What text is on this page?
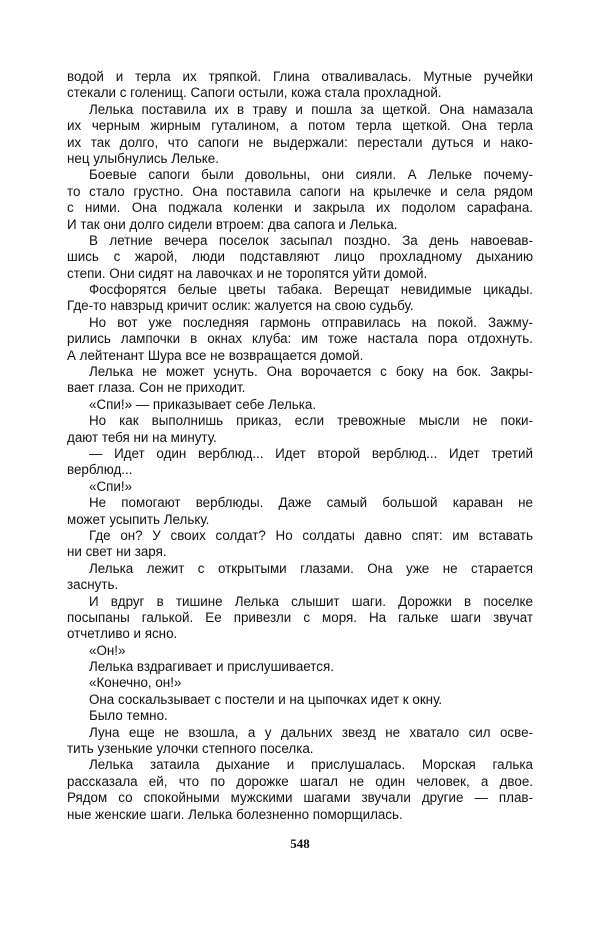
водой и терла их тряпкой. Глина отваливалась. Мутные ручейки
стекали с голенищ. Сапоги остыли, кожа стала прохладной.
Лелька поставила их в траву и пошла за щеткой. Она намазала
их черным жирным гуталином, а потом терла щеткой. Она терла
их так долго, что сапоги не выдержали: перестали дуться и нако-
нец улыбнулись Лельке.
Боевые сапоги были довольны, они сияли. А Лельке почему-
то стало грустно. Она поставила сапоги на крылечке и села рядом
с ними. Она поджала коленки и закрыла их подолом сарафана.
И так они долго сидели втроем: два сапога и Лелька.
В летние вечера поселок засыпал поздно. За день навоевав-
шись с жарой, люди подставляют лицо прохладному дыханию
степи. Они сидят на лавочках и не торопятся уйти домой.
Фосфорятся белые цветы табака. Верещат невидимые цикады.
Где-то навзрыд кричит ослик: жалуется на свою судьбу.
Но вот уже последняя гармонь отправилась на покой. Зажму-
рились лампочки в окнах клуба: им тоже настала пора отдохнуть.
А лейтенант Шура все не возвращается домой.
Лелька не может уснуть. Она ворочается с боку на бок. Закры-
вает глаза. Сон не приходит.
«Спи!» — приказывает себе Лелька.
Но как выполнишь приказ, если тревожные мысли не поки-
дают тебя ни на минуту.
— Идет один верблюд... Идет второй верблюд... Идет третий
верблюд...
«Спи!»
Не помогают верблюды. Даже самый большой караван не
может усыпить Лельку.
Где он? У своих солдат? Но солдаты давно спят: им вставать
ни свет ни заря.
Лелька лежит с открытыми глазами. Она уже не старается
заснуть.
И вдруг в тишине Лелька слышит шаги. Дорожки в поселке
посыпаны галькой. Ее привезли с моря. На гальке шаги звучат
отчетливо и ясно.
«Он!»
Лелька вздрагивает и прислушивается.
«Конечно, он!»
Она соскальзывает с постели и на цыпочках идет к окну.
Было темно.
Луна еще не взошла, а у дальних звезд не хватало сил осве-
тить узенькие улочки степного поселка.
Лелька затаила дыхание и прислушалась. Морская галька
рассказала ей, что по дорожке шагал не один человек, а двое.
Рядом со спокойными мужскими шагами звучали другие — плав-
ные женские шаги. Лелька болезненно поморщилась.
548
